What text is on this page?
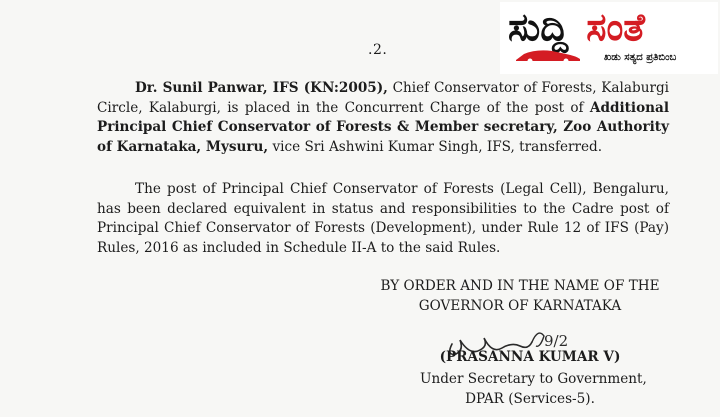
.2.
ಸುದ್ದಿ ಸಂತೆ
ಖಡು ಸತ್ಯದ ಪ್ರತಿಬಿಂಬ

Dr. Sunil Panwar, IFS (KN:2005), Chief Conservator of Forests, Kalaburgi Circle, Kalaburgi, is placed in the Concurrent Charge of the post of Additional Principal Chief Conservator of Forests & Member secretary, Zoo Authority of Karnataka, Mysuru, vice Sri Ashwini Kumar Singh, IFS, transferred.

The post of Principal Chief Conservator of Forests (Legal Cell), Bengaluru, has been declared equivalent in status and responsibilities to the Cadre post of Principal Chief Conservator of Forests (Development), under Rule 12 of IFS (Pay) Rules, 2016 as included in Schedule II-A to the said Rules.

BY ORDER AND IN THE NAME OF THE
GOVERNOR OF KARNATAKA
9/2
(PRASANNA KUMAR V)
Under Secretary to Government,
DPAR (Services-5).
